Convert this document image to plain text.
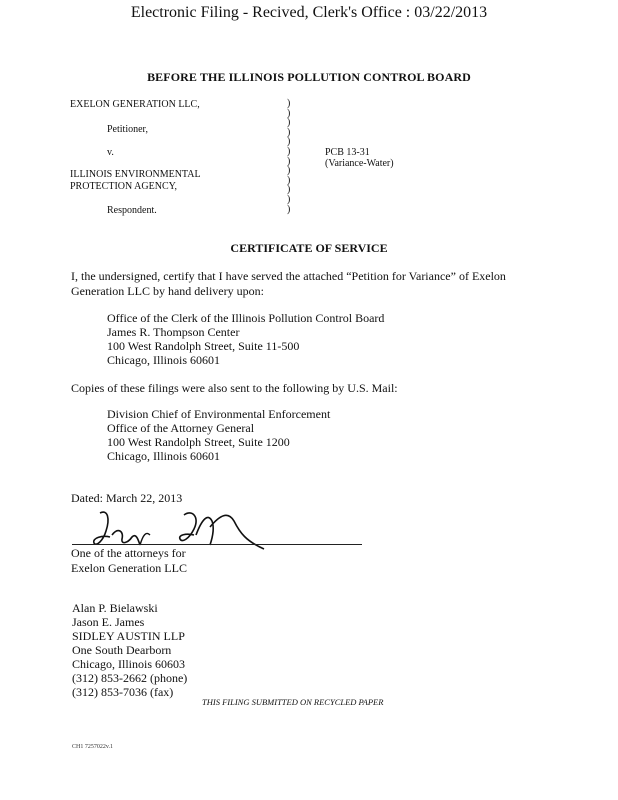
Electronic Filing - Recived, Clerk's Office : 03/22/2013
BEFORE THE ILLINOIS POLLUTION CONTROL BOARD
EXELON GENERATION LLC,
Petitioner,
v.
ILLINOIS ENVIRONMENTAL
PROTECTION AGENCY,
Respondent.
)
)
)
)
)
)
)
)
)
)
)
)
PCB 13-31
(Variance-Water)
CERTIFICATE OF SERVICE
I, the undersigned, certify that I have served the attached “Petition for Variance” of Exelon
Generation LLC by hand delivery upon:
Office of the Clerk of the Illinois Pollution Control Board
James R. Thompson Center
100 West Randolph Street, Suite 11-500
Chicago, Illinois 60601
Copies of these filings were also sent to the following by U.S. Mail:
Division Chief of Environmental Enforcement
Office of the Attorney General
100 West Randolph Street, Suite 1200
Chicago, Illinois 60601
Dated: March 22, 2013
One of the attorneys for
Exelon Generation LLC
Alan P. Bielawski
Jason E. James
SIDLEY AUSTIN LLP
One South Dearborn
Chicago, Illinois 60603
(312) 853-2662 (phone)
(312) 853-7036 (fax)
THIS FILING SUBMITTED ON RECYCLED PAPER
CH1 7257022v.1
